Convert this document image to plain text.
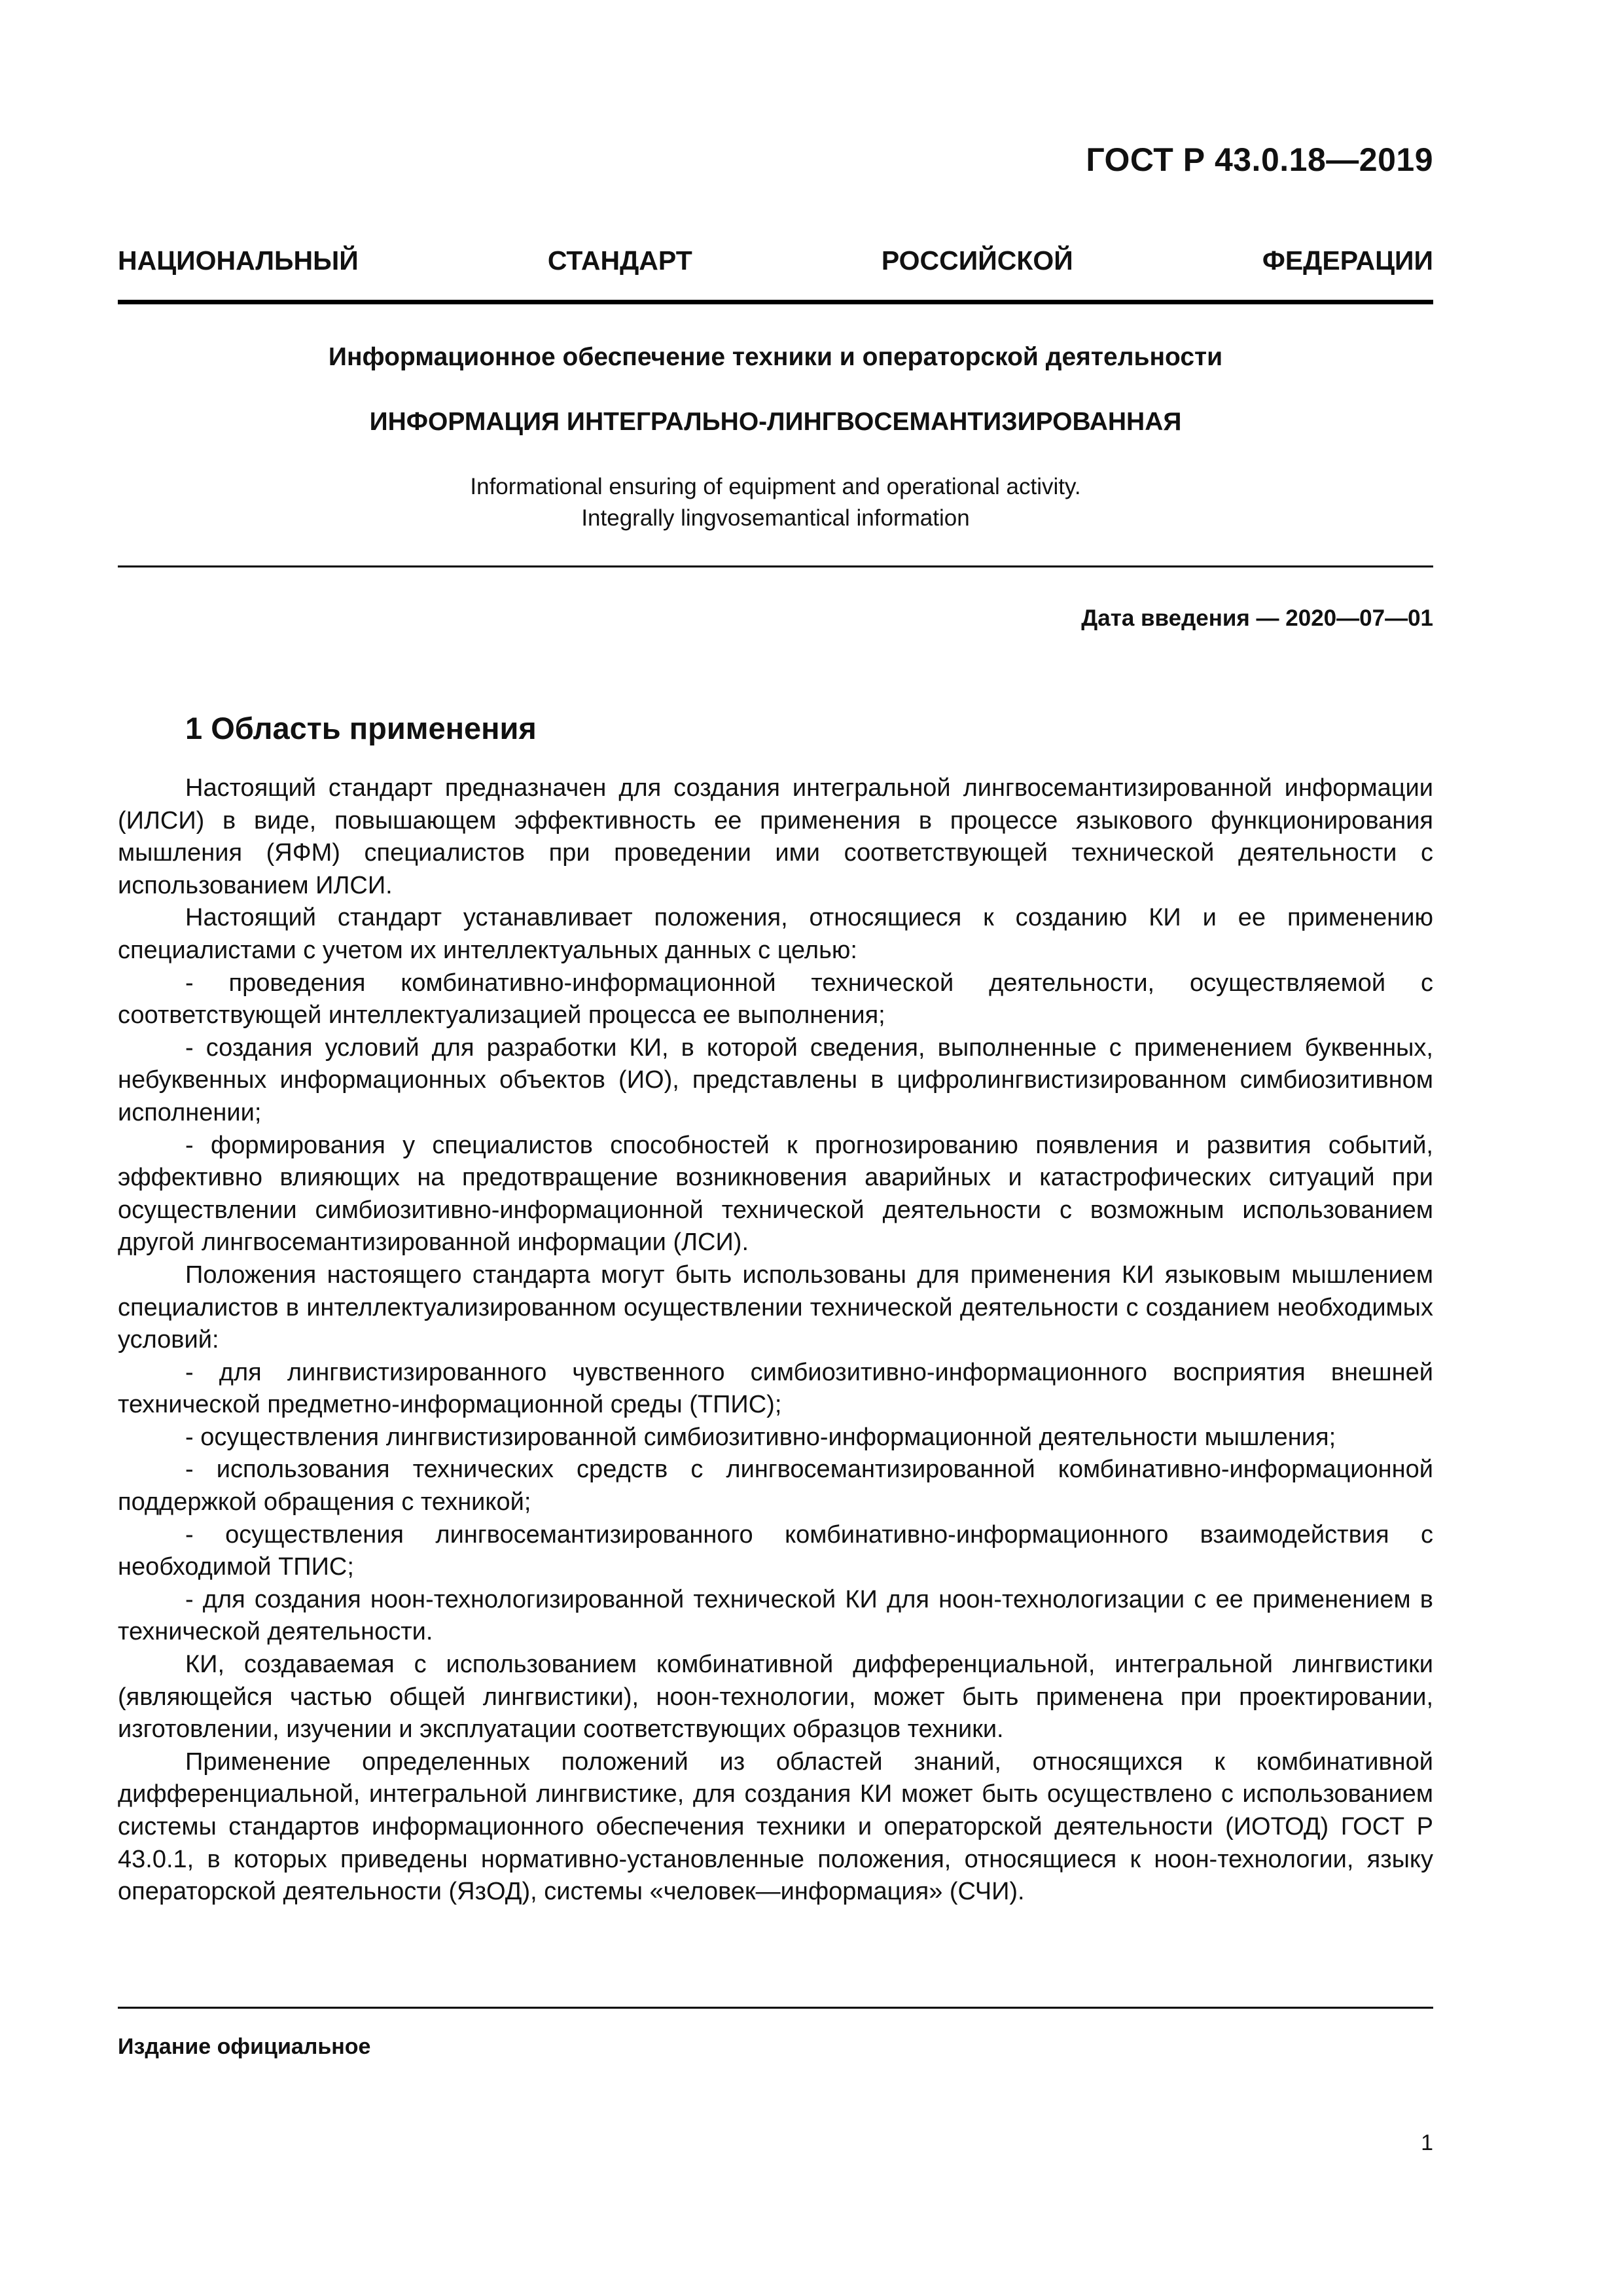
ГОСТ Р 43.0.18—2019
НАЦИОНАЛЬНЫЙ	СТАНДАРТ	РОССИЙСКОЙ	ФЕДЕРАЦИИ
Информационное обеспечение техники и операторской деятельности
ИНФОРМАЦИЯ ИНТЕГРАЛЬНО-ЛИНГВОСЕМАНТИЗИРОВАННАЯ
Informational ensuring of equipment and operational activity.
Integrally lingvosemantical information
Дата введения — 2020—07—01
1 Область применения

Настоящий стандарт предназначен для создания интегральной лингвосемантизированной информации (ИЛСИ) в виде, повышающем эффективность ее применения в процессе языкового функционирования мышления (ЯФМ) специалистов при проведении ими соответствующей технической деятельности с использованием ИЛСИ.

Настоящий стандарт устанавливает положения, относящиеся к созданию КИ и ее применению специалистами с учетом их интеллектуальных данных с целью:

- проведения комбинативно-информационной технической деятельности, осуществляемой с соответствующей интеллектуализацией процесса ее выполнения;

- создания условий для разработки КИ, в которой сведения, выполненные с применением буквенных, небуквенных информационных объектов (ИО), представлены в цифролингвистизированном симбиозитивном исполнении;

- формирования у специалистов способностей к прогнозированию появления и развития событий, эффективно влияющих на предотвращение возникновения аварийных и катастрофических ситуаций при осуществлении симбиозитивно-информационной технической деятельности с возможным использованием другой лингвосемантизированной информации (ЛСИ).

Положения настоящего стандарта могут быть использованы для применения КИ языковым мышлением специалистов в интеллектуализированном осуществлении технической деятельности с созданием необходимых условий:

- для лингвистизированного чувственного симбиозитивно-информационного восприятия внешней технической предметно-информационной среды (ТПИС);

- осуществления лингвистизированной симбиозитивно-информационной деятельности мышления;

- использования технических средств с лингвосемантизированной комбинативно-информационной поддержкой обращения с техникой;

- осуществления лингвосемантизированного комбинативно-информационного взаимодействия с необходимой ТПИС;

- для создания ноон-технологизированной технической КИ для ноон-технологизации с ее применением в технической деятельности.

КИ, создаваемая с использованием комбинативной дифференциальной, интегральной лингвистики (являющейся частью общей лингвистики), ноон-технологии, может быть применена при проектировании, изготовлении, изучении и эксплуатации соответствующих образцов техники.

Применение определенных положений из областей знаний, относящихся к комбинативной дифференциальной, интегральной лингвистике, для создания КИ может быть осуществлено с использованием системы стандартов информационного обеспечения техники и операторской деятельности (ИОТОД) ГОСТ Р 43.0.1, в которых приведены нормативно-установленные положения, относящиеся к ноон-технологии, языку операторской деятельности (ЯзОД), системы «человек—информация» (СЧИ).

Издание официальное
1
